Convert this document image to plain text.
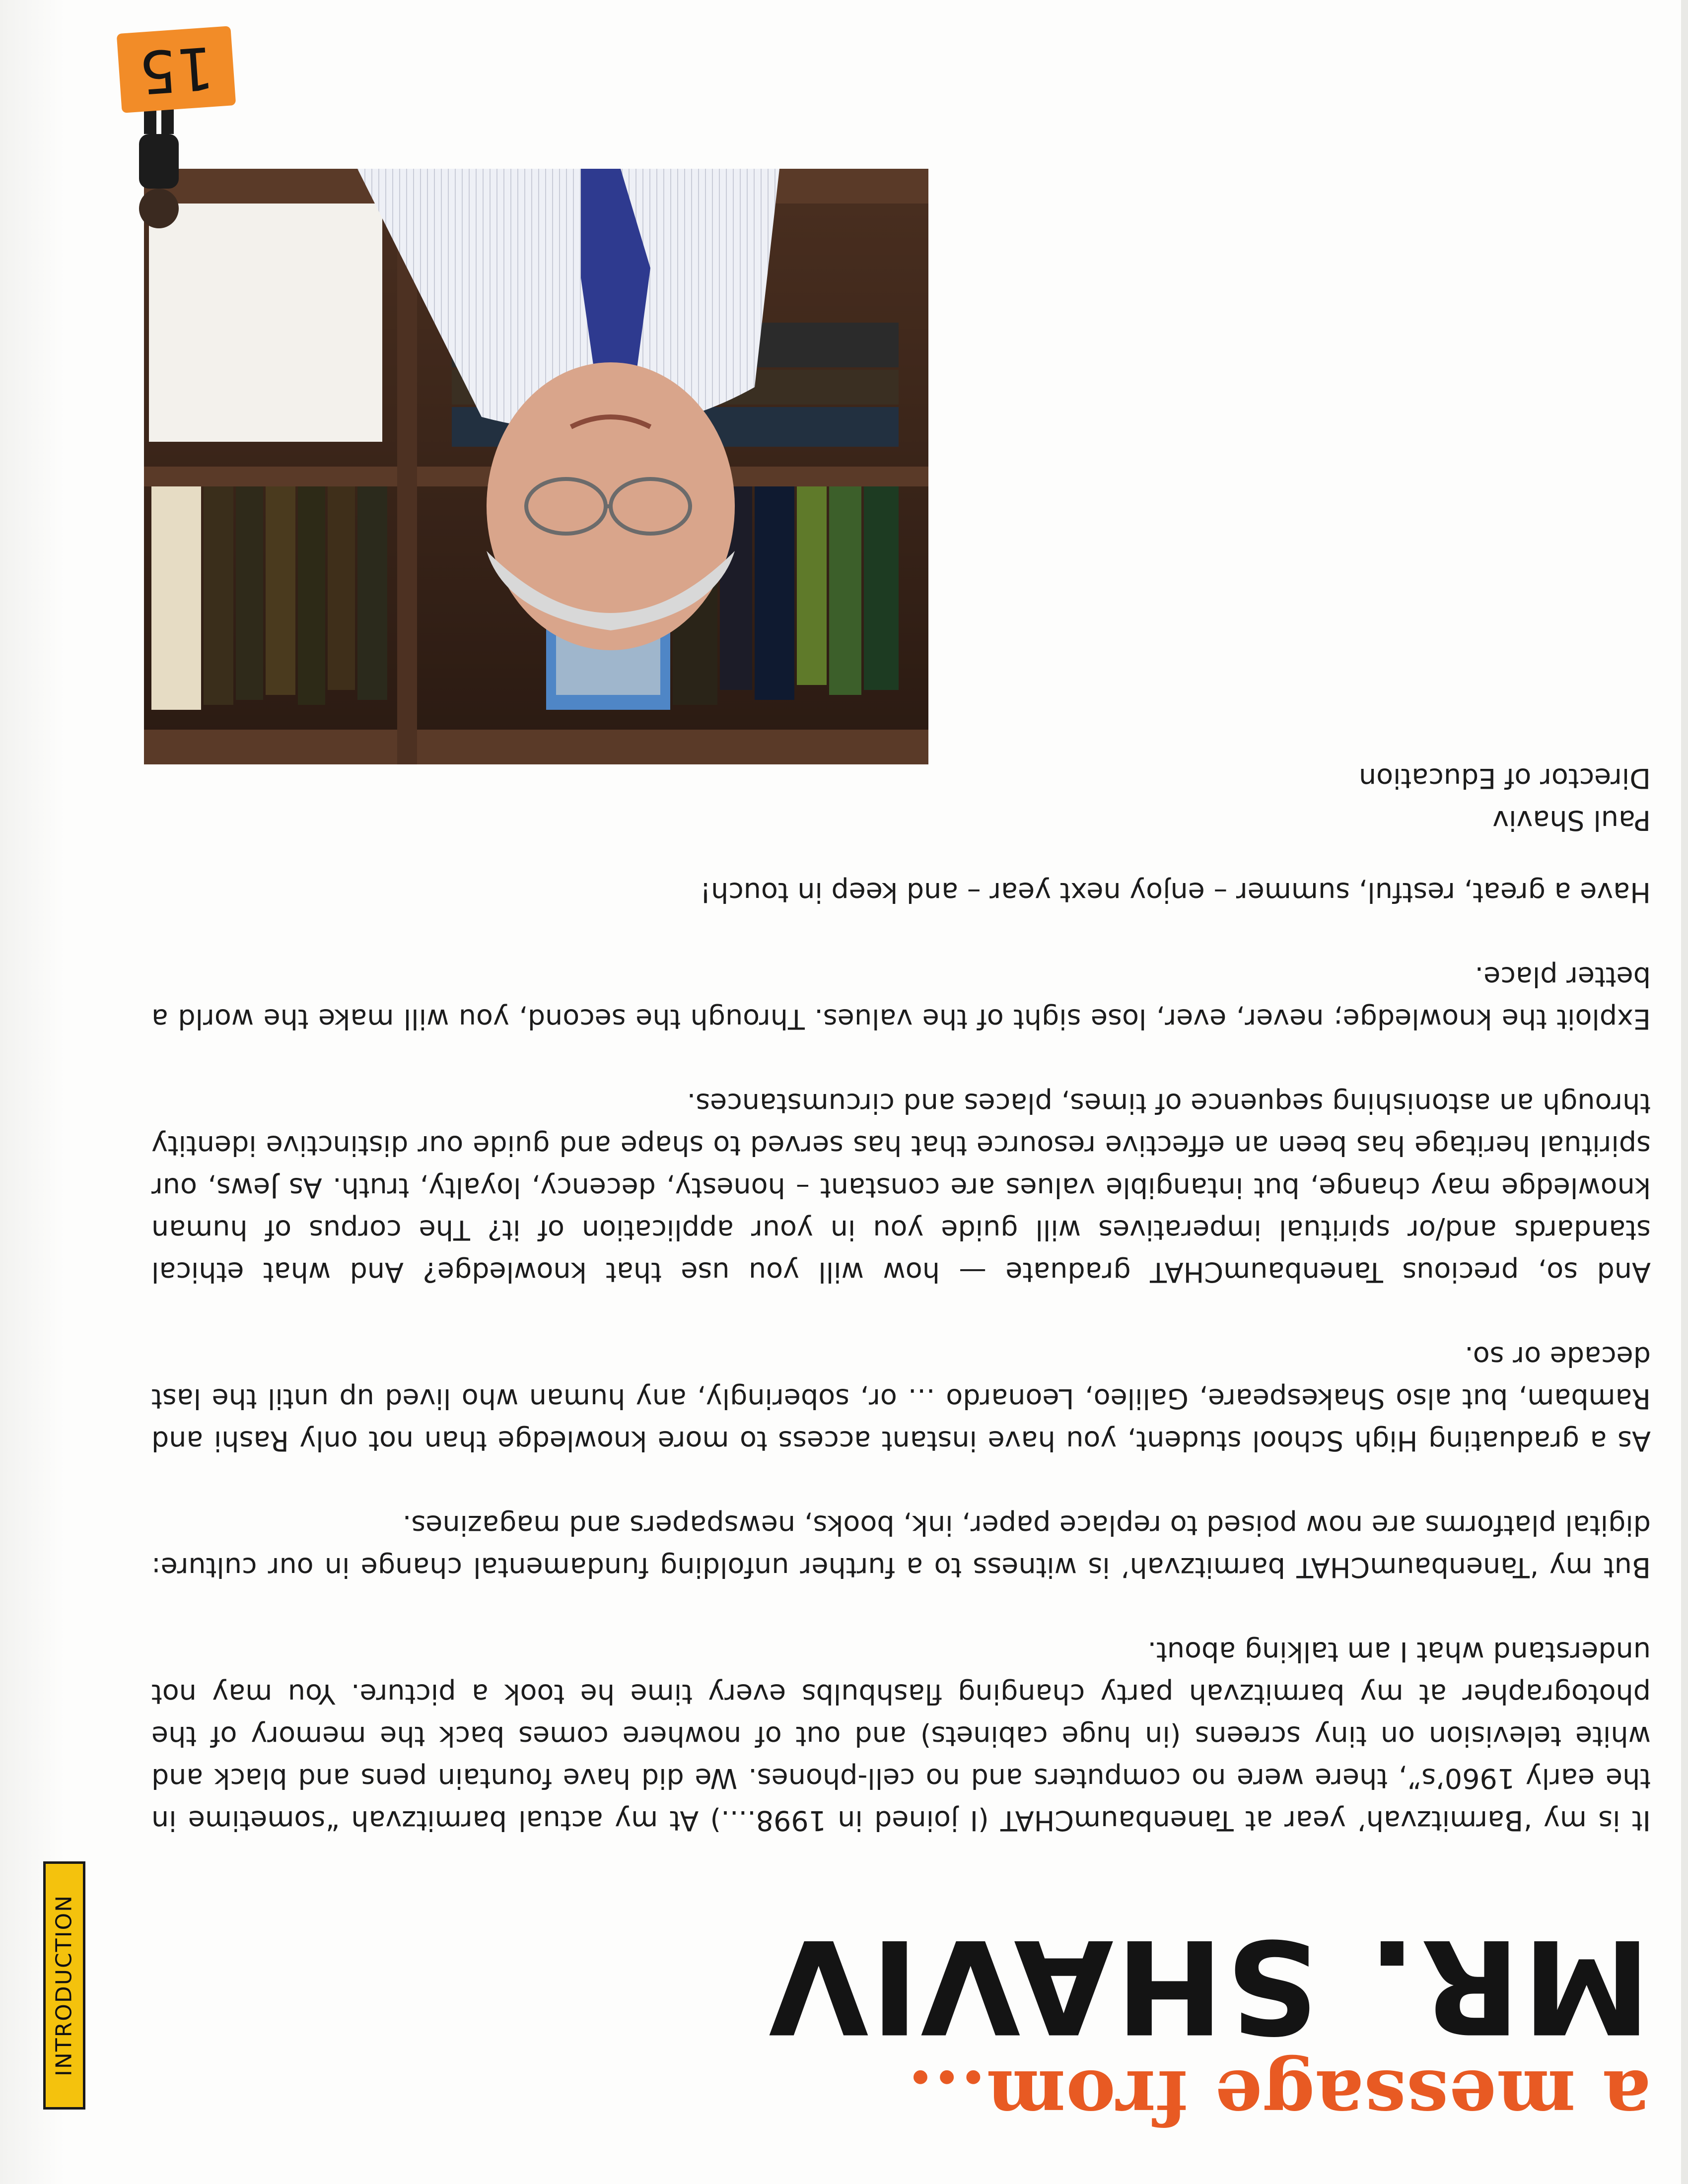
a message from...
MR. SHAVIV
INTRODUCTION

It is my ‘Barmitzvah’ year at TanenbaumCHAT (I joined in 1998....) At my actual barmitzvah “sometime in the early 1960’s”, there were no computers and no cell-phones. We did have fountain pens and black and white television on tiny screens (in huge cabinets) and out of nowhere comes back the memory of the photographer at my barmitzvah party changing flashbulbs every time he took a picture. You may not understand what I am talking about.

But my ‘TanenbaumCHAT barmitzvah’ is witness to a further unfolding fundamental change in our culture: digital platforms are now poised to replace paper, ink, books, newspapers and magazines.

As a graduating High School student, you have instant access to more knowledge than not only Rashi and Rambam, but also Shakespeare, Galileo, Leonardo … or, soberingly, any human who lived up until the last decade or so.

And so, precious TanenbaumCHAT graduate — how will you use that knowledge? And what ethical standards and/or spiritual imperatives will guide you in your application of it? The corpus of human knowledge may change, but intangible values are constant – honesty, decency, loyalty, truth. As Jews, our spiritual heritage has been an effective resource that has served to shape and guide our distinctive identity through an astonishing sequence of times, places and circumstances.

Exploit the knowledge; never, ever, lose sight of the values. Through the second, you will make the world a better place.

Have a great, restful, summer – enjoy next year – and keep in touch!

Paul Shaviv

Director of Education

15
